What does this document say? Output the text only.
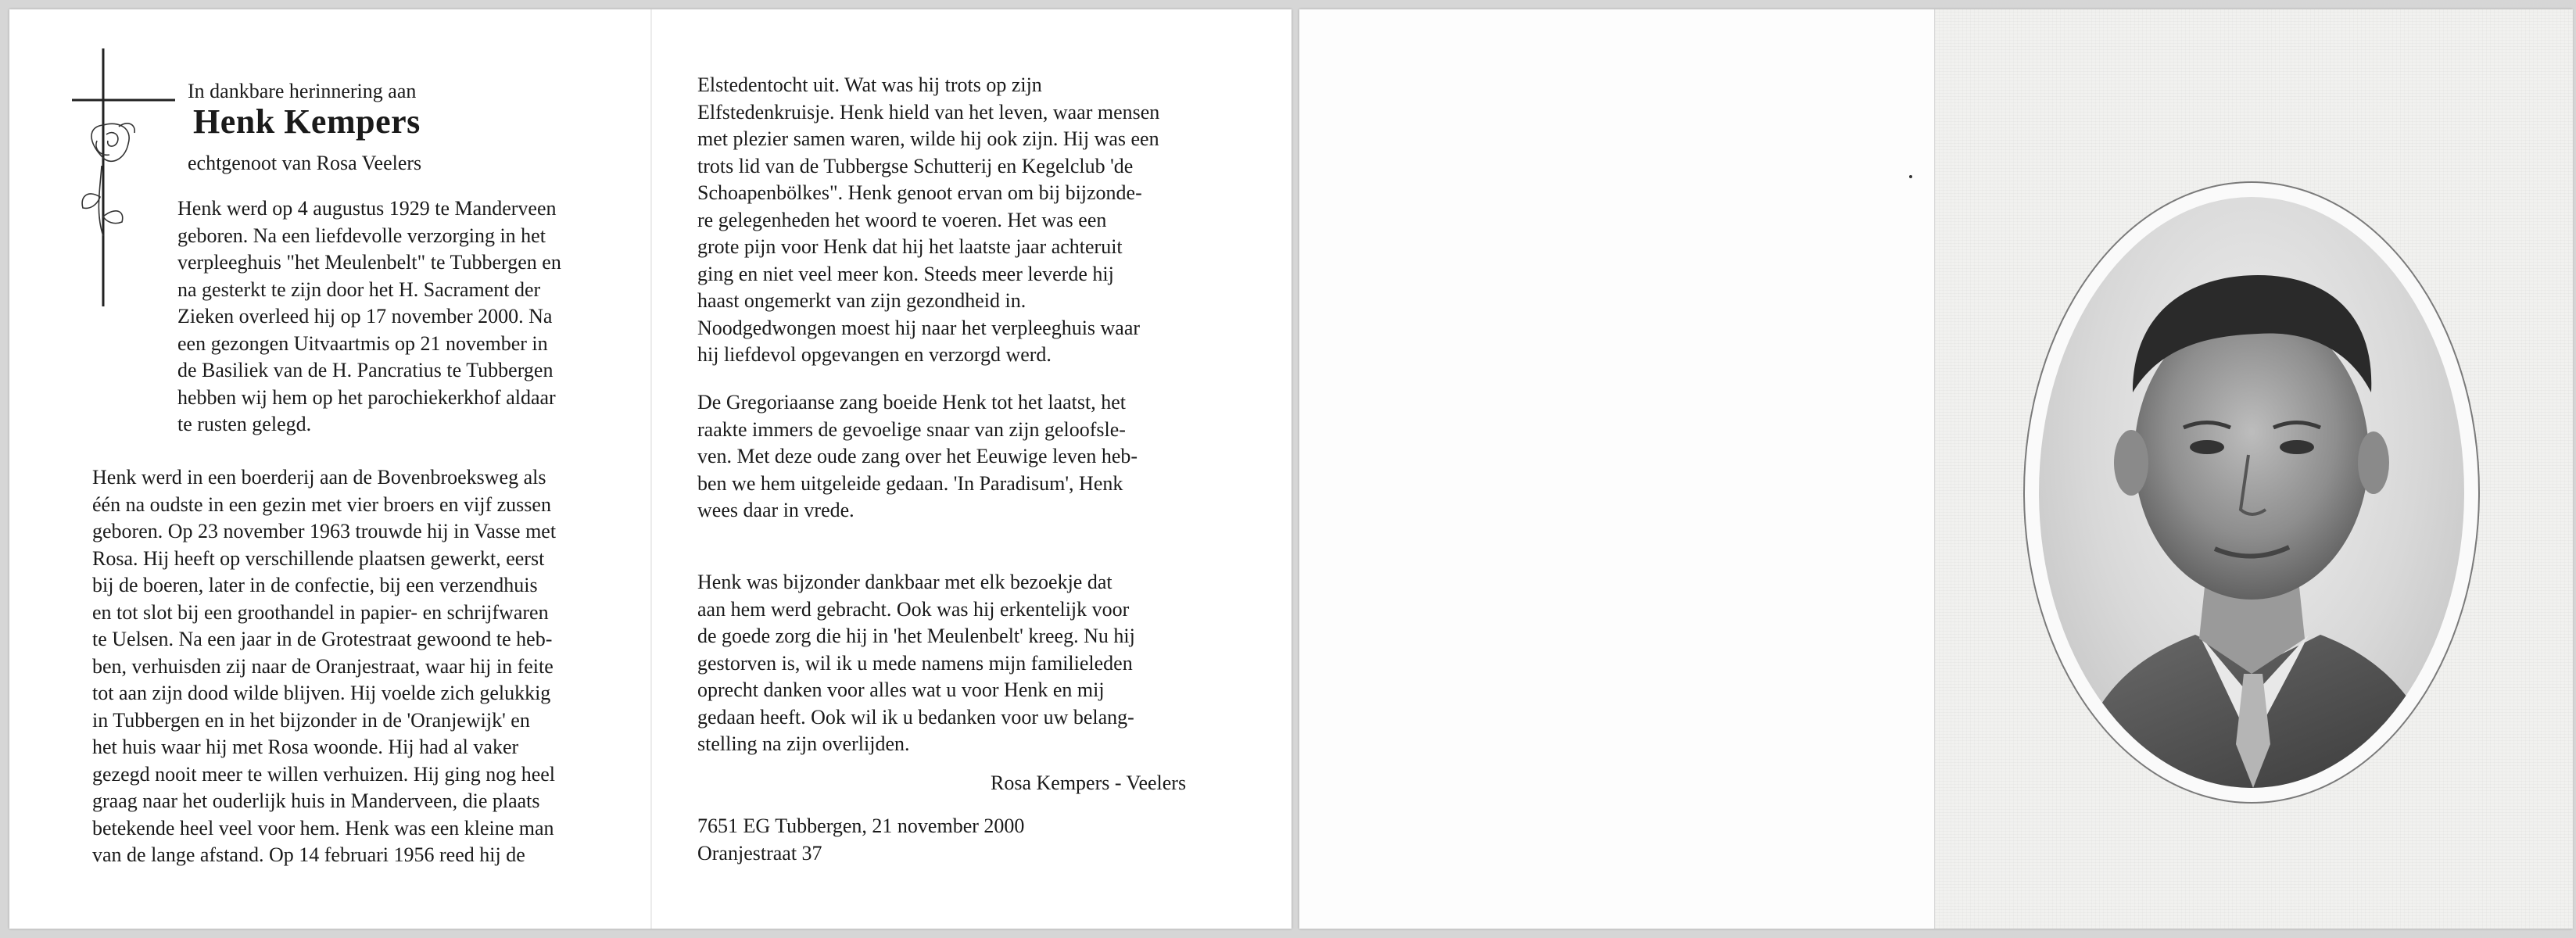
In dankbare herinnering aan
Henk Kempers
echtgenoot van Rosa Veelers
Henk werd op 4 augustus 1929 te Manderveen
geboren. Na een liefdevolle verzorging in het
verpleeghuis "het Meulenbelt" te Tubbergen en
na gesterkt te zijn door het H. Sacrament der
Zieken overleed hij op 17 november 2000. Na
een gezongen Uitvaartmis op 21 november in
de Basiliek van de H. Pancratius te Tubbergen
hebben wij hem op het parochiekerkhof aldaar
te rusten gelegd.
Henk werd in een boerderij aan de Bovenbroeksweg als
één na oudste in een gezin met vier broers en vijf zussen
geboren. Op 23 november 1963 trouwde hij in Vasse met
Rosa. Hij heeft op verschillende plaatsen gewerkt, eerst
bij de boeren, later in de confectie, bij een verzendhuis
en tot slot bij een groothandel in papier- en schrijfwaren
te Uelsen. Na een jaar in de Grotestraat gewoond te heb-
ben, verhuisden zij naar de Oranjestraat, waar hij in feite
tot aan zijn dood wilde blijven. Hij voelde zich gelukkig
in Tubbergen en in het bijzonder in de 'Oranjewijk' en
het huis waar hij met Rosa woonde. Hij had al vaker
gezegd nooit meer te willen verhuizen. Hij ging nog heel
graag naar het ouderlijk huis in Manderveen, die plaats
betekende heel veel voor hem. Henk was een kleine man
van de lange afstand. Op 14 februari 1956 reed hij de
Elstedentocht uit. Wat was hij trots op zijn
Elfstedenkruisje. Henk hield van het leven, waar mensen
met plezier samen waren, wilde hij ook zijn. Hij was een
trots lid van de Tubbergse Schutterij en Kegelclub 'de
Schoapenbölkes". Henk genoot ervan om bij bijzonde-
re gelegenheden het woord te voeren. Het was een
grote pijn voor Henk dat hij het laatste jaar achteruit
ging en niet veel meer kon. Steeds meer leverde hij
haast ongemerkt van zijn gezondheid in.
Noodgedwongen moest hij naar het verpleeghuis waar
hij liefdevol opgevangen en verzorgd werd.
De Gregoriaanse zang boeide Henk tot het laatst, het
raakte immers de gevoelige snaar van zijn geloofsle-
ven. Met deze oude zang over het Eeuwige leven heb-
ben we hem uitgeleide gedaan. 'In Paradisum', Henk
wees daar in vrede.
Henk was bijzonder dankbaar met elk bezoekje dat
aan hem werd gebracht. Ook was hij erkentelijk voor
de goede zorg die hij in 'het Meulenbelt' kreeg. Nu hij
gestorven is, wil ik u mede namens mijn familieleden
oprecht danken voor alles wat u voor Henk en mij
gedaan heeft. Ook wil ik u bedanken voor uw belang-
stelling na zijn overlijden.
Rosa Kempers - Veelers
7651 EG Tubbergen, 21 november 2000
Oranjestraat 37
